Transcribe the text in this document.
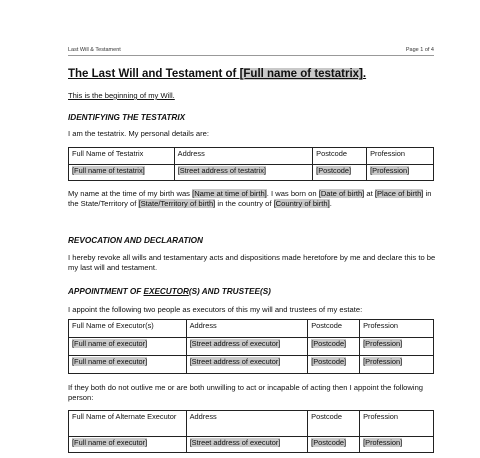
Last Will & Testament	Page 1 of 4
The Last Will and Testament of [Full name of testatrix].
This is the beginning of my Will.
IDENTIFYING THE TESTATRIX
I am the testatrix. My personal details are:
Full Name of Testatrix	Address	Postcode	Profession
[Full name of testatrix]	[Street address of testatrix]	[Postcode]	[Profession]
My name at the time of my birth was [Name at time of birth]. I was born on [Date of birth] at [Place of birth] in the State/Territory of [State/Territory of birth] in the country of [Country of birth].
REVOCATION AND DECLARATION
I hereby revoke all wills and testamentary acts and dispositions made heretofore by me and declare this to be my last will and testament.
APPOINTMENT OF EXECUTOR(S) AND TRUSTEE(S)
I appoint the following two people as executors of this my will and trustees of my estate:
Full Name of Executor(s)	Address	Postcode	Profession
[Full name of executor]	[Street address of executor]	[Postcode]	[Profession]
[Full name of executor]	[Street address of executor]	[Postcode]	[Profession]
If they both do not outlive me or are both unwilling to act or incapable of acting then I appoint the following person:
Full Name of Alternate Executor	Address	Postcode	Profession
[Full name of executor]	[Street address of executor]	[Postcode]	[Profession]
